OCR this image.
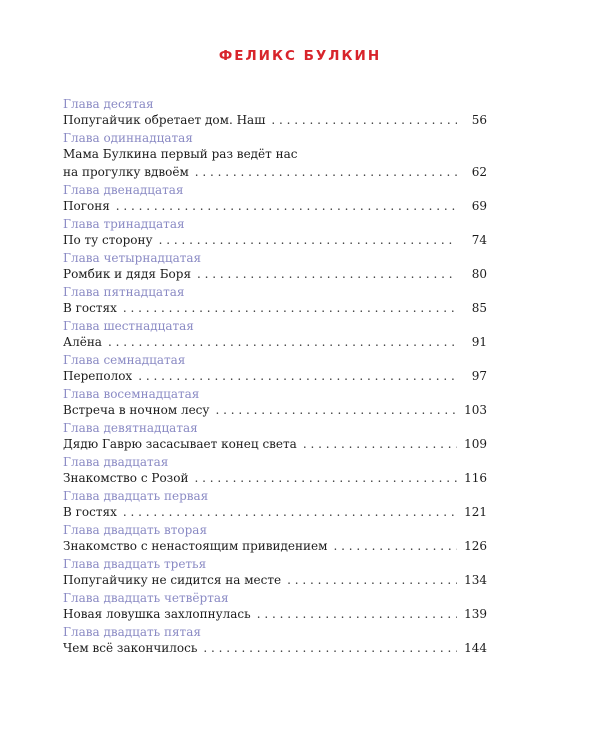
ФЕЛИКС БУЛКИН
Глава десятая
Попугайчик обретает дом. Наш . . .	56
Глава одиннадцатая
Мама Булкина первый раз ведёт нас
на прогулку вдвоём . . .	62
Глава двенадцатая
Погоня . . .	69
Глава тринадцатая
По ту сторону . . .	74
Глава четырнадцатая
Ромбик и дядя Боря . . .	80
Глава пятнадцатая
В гостях . . .	85
Глава шестнадцатая
Алёна . . .	91
Глава семнадцатая
Переполох . . .	97
Глава восемнадцатая
Встреча в ночном лесу . . .	103
Глава девятнадцатая
Дядю Гаврю засасывает конец света . . .	109
Глава двадцатая
Знакомство с Розой . . .	116
Глава двадцать первая
В гостях . . .	121
Глава двадцать вторая
Знакомство с ненастоящим привидением . . .	126
Глава двадцать третья
Попугайчику не сидится на месте . . .	134
Глава двадцать четвёртая
Новая ловушка захлопнулась . . .	139
Глава двадцать пятая
Чем всё закончилось . . .	144
